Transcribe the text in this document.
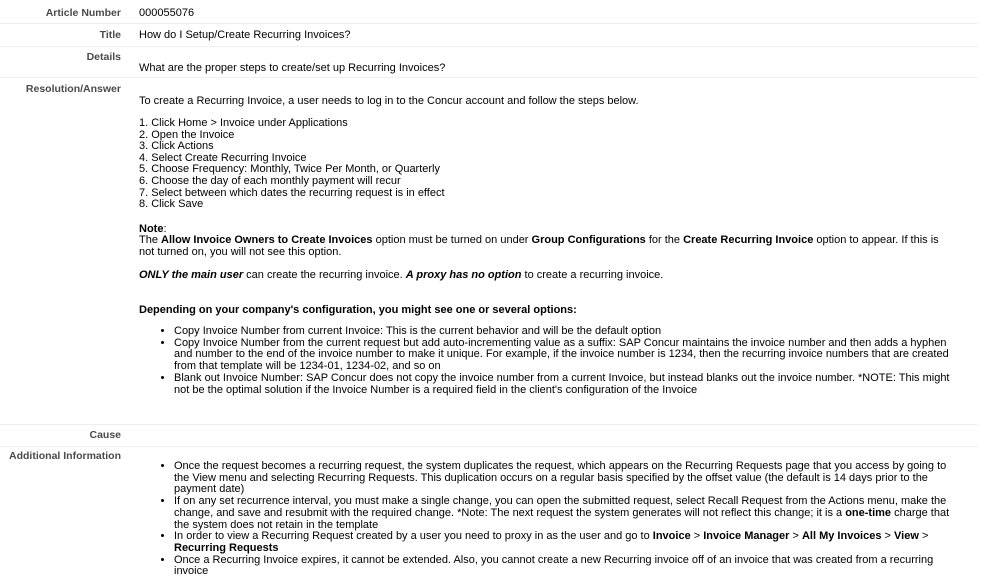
Article Number 000055076
Title How do I Setup/Create Recurring Invoices?
Details
What are the proper steps to create/set up Recurring Invoices?
Resolution/Answer

To create a Recurring Invoice, a user needs to log in to the Concur account and follow the steps below.

1. Click Home > Invoice under Applications
2. Open the Invoice
3. Click Actions
4. Select Create Recurring Invoice
5. Choose Frequency: Monthly, Twice Per Month, or Quarterly
6. Choose the day of each monthly payment will recur
7. Select between which dates the recurring request is in effect
8. Click Save

Note:

The Allow Invoice Owners to Create Invoices option must be turned on under Group Configurations for the Create Recurring Invoice option to appear. If this is not turned on, you will not see this option.

ONLY the main user can create the recurring invoice. A proxy has no option to create a recurring invoice.

Depending on your company's configuration, you might see one or several options:

• Copy Invoice Number from current Invoice: This is the current behavior and will be the default option
• Copy Invoice Number from the current request but add auto-incrementing value as a suffix: SAP Concur maintains the invoice number and then adds a hyphen and number to the end of the invoice number to make it unique. For example, if the invoice number is 1234, then the recurring invoice numbers that are created from that template will be 1234-01, 1234-02, and so on
• Blank out Invoice Number: SAP Concur does not copy the invoice number from a current Invoice, but instead blanks out the invoice number. *NOTE: This might not be the optimal solution if the Invoice Number is a required field in the client's configuration of the Invoice
Cause
Additional Information
• Once the request becomes a recurring request, the system duplicates the request, which appears on the Recurring Requests page that you access by going to the View menu and selecting Recurring Requests. This duplication occurs on a regular basis specified by the offset value (the default is 14 days prior to the payment date)
• If on any set recurrence interval, you must make a single change, you can open the submitted request, select Recall Request from the Actions menu, make the change, and save and resubmit with the required change. *Note: The next request the system generates will not reflect this change; it is a one-time charge that the system does not retain in the template
• In order to view a Recurring Request created by a user you need to proxy in as the user and go to Invoice > Invoice Manager > All My Invoices > View > Recurring Requests
• Once a Recurring Invoice expires, it cannot be extended. Also, you cannot create a new Recurring invoice off of an invoice that was created from a recurring invoice
